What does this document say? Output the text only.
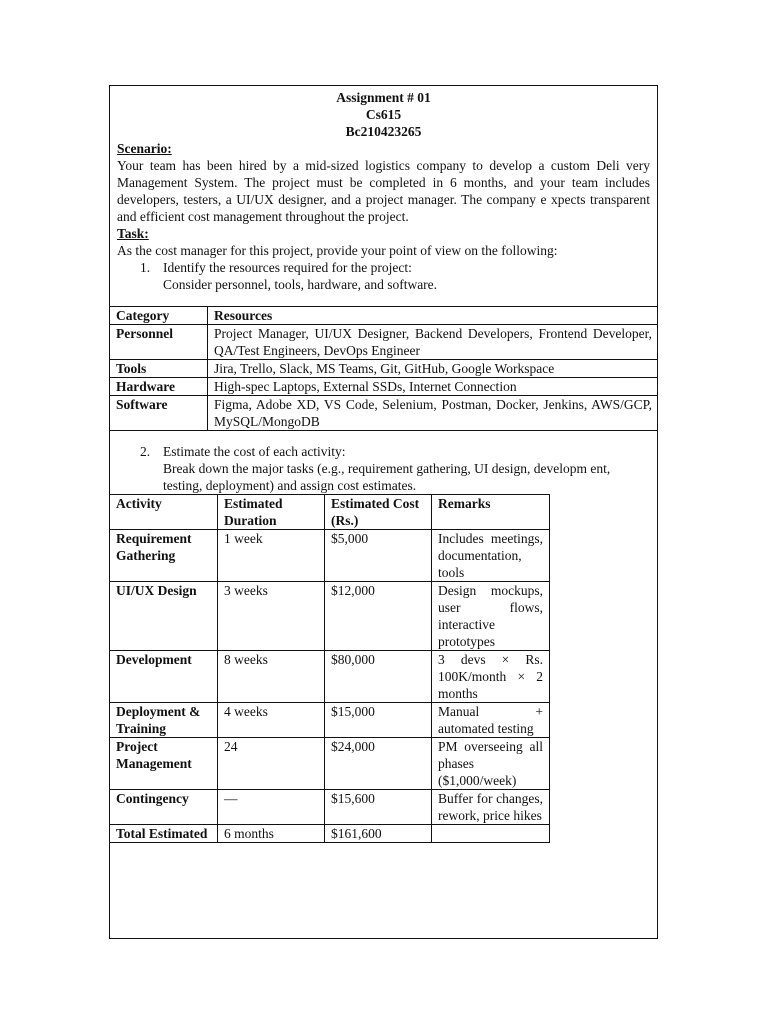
Assignment # 01
Cs615
Bc210423265
Scenario:
Your team has been hired by a mid-sized logistics company to develop a custom Deli very Management System. The project must be completed in 6 months, and your team includes developers, testers, a UI/UX designer, and a project manager. The company e xpects transparent and efficient cost management throughout the project.
Task:
As the cost manager for this project, provide your point of view on the following:
1. Identify the resources required for the project:
Consider personnel, tools, hardware, and software.
Category	Resources
Personnel	Project Manager, UI/UX Designer, Backend Developers, Frontend Developer, QA/Test Engineers, DevOps Engineer
Tools	Jira, Trello, Slack, MS Teams, Git, GitHub, Google Workspace
Hardware	High-spec Laptops, External SSDs, Internet Connection
Software	Figma, Adobe XD, VS Code, Selenium, Postman, Docker, Jenkins, AWS/GCP, MySQL/MongoDB
2. Estimate the cost of each activity:
Break down the major tasks (e.g., requirement gathering, UI design, developm ent, testing, deployment) and assign cost estimates.
Activity	Estimated Duration	Estimated Cost (Rs.)	Remarks
Requirement Gathering	1 week	$5,000	Includes meetings, documentation, tools
UI/UX Design	3 weeks	$12,000	Design mockups, user flows, interactive prototypes
Development	8 weeks	$80,000	3 devs × Rs. 100K/month × 2 months
Deployment & Training	4 weeks	$15,000	Manual + automated testing
Project Management	24	$24,000	PM overseeing all phases ($1,000/week)
Contingency	—	$15,600	Buffer for changes, rework, price hikes
Total Estimated	6 months	$161,600	
